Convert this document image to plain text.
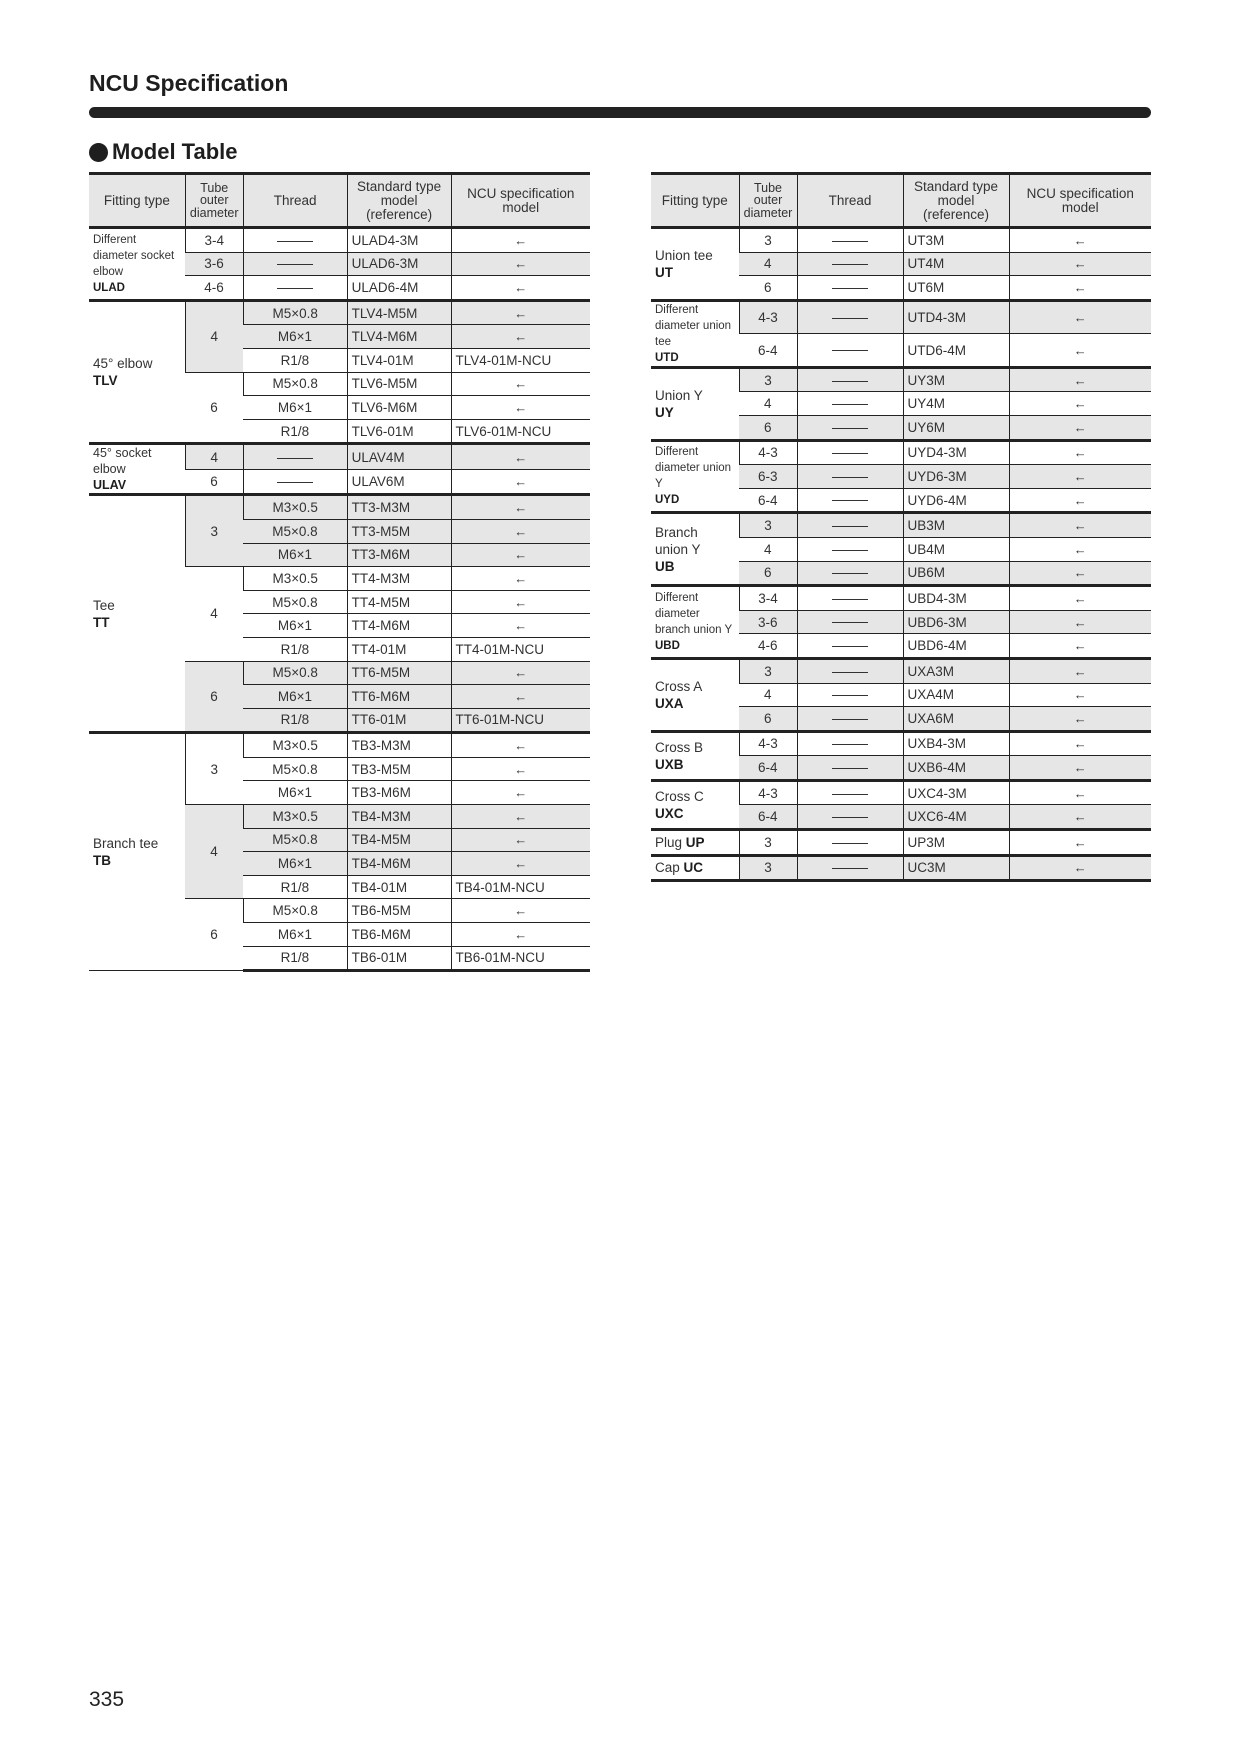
NCU Specification
Model Table
Fitting type	Tube outer diameter	Thread	Standard type model (reference)	NCU specification model
Different diameter socket elbow
ULAD	3-4		ULAD4-3M	←
	3-6		ULAD6-3M	←
	4-6		ULAD6-4M	←
45° elbow
TLV	4	M5×0.8	TLV4-M5M	←
		M6×1	TLV4-M6M	←
		R1/8	TLV4-01M	TLV4-01M-NCU
	6	M5×0.8	TLV6-M5M	←
		M6×1	TLV6-M6M	←
		R1/8	TLV6-01M	TLV6-01M-NCU
45° socket elbow
ULAV	4		ULAV4M	←
	6		ULAV6M	←
Tee
TT	3	M3×0.5	TT3-M3M	←
		M5×0.8	TT3-M5M	←
		M6×1	TT3-M6M	←
	4	M3×0.5	TT4-M3M	←
		M5×0.8	TT4-M5M	←
		M6×1	TT4-M6M	←
		R1/8	TT4-01M	TT4-01M-NCU
	6	M5×0.8	TT6-M5M	←
		M6×1	TT6-M6M	←
		R1/8	TT6-01M	TT6-01M-NCU
Branch tee
TB	3	M3×0.5	TB3-M3M	←
		M5×0.8	TB3-M5M	←
		M6×1	TB3-M6M	←
	4	M3×0.5	TB4-M3M	←
		M5×0.8	TB4-M5M	←
		M6×1	TB4-M6M	←
		R1/8	TB4-01M	TB4-01M-NCU
	6	M5×0.8	TB6-M5M	←
		M6×1	TB6-M6M	←
		R1/8	TB6-01M	TB6-01M-NCU
Fitting type	Tube outer diameter	Thread	Standard type model (reference)	NCU specification model
Union tee
UT	3		UT3M	←
	4		UT4M	←
	6		UT6M	←
Different diameter union tee
UTD	4-3		UTD4-3M	←
	6-4		UTD6-4M	←
Union Y
UY	3		UY3M	←
	4		UY4M	←
	6		UY6M	←
Different diameter union Y
UYD	4-3		UYD4-3M	←
	6-3		UYD6-3M	←
	6-4		UYD6-4M	←
Branch union Y
UB	3		UB3M	←
	4		UB4M	←
	6		UB6M	←
Different diameter branch union Y
UBD	3-4		UBD4-3M	←
	3-6		UBD6-3M	←
	4-6		UBD6-4M	←
Cross A
UXA	3		UXA3M	←
	4		UXA4M	←
	6		UXA6M	←
Cross B
UXB	4-3		UXB4-3M	←
	6-4		UXB6-4M	←
Cross C
UXC	4-3		UXC4-3M	←
	6-4		UXC6-4M	←
Plug UP	3		UP3M	←
Cap UC	3		UC3M	←
335
